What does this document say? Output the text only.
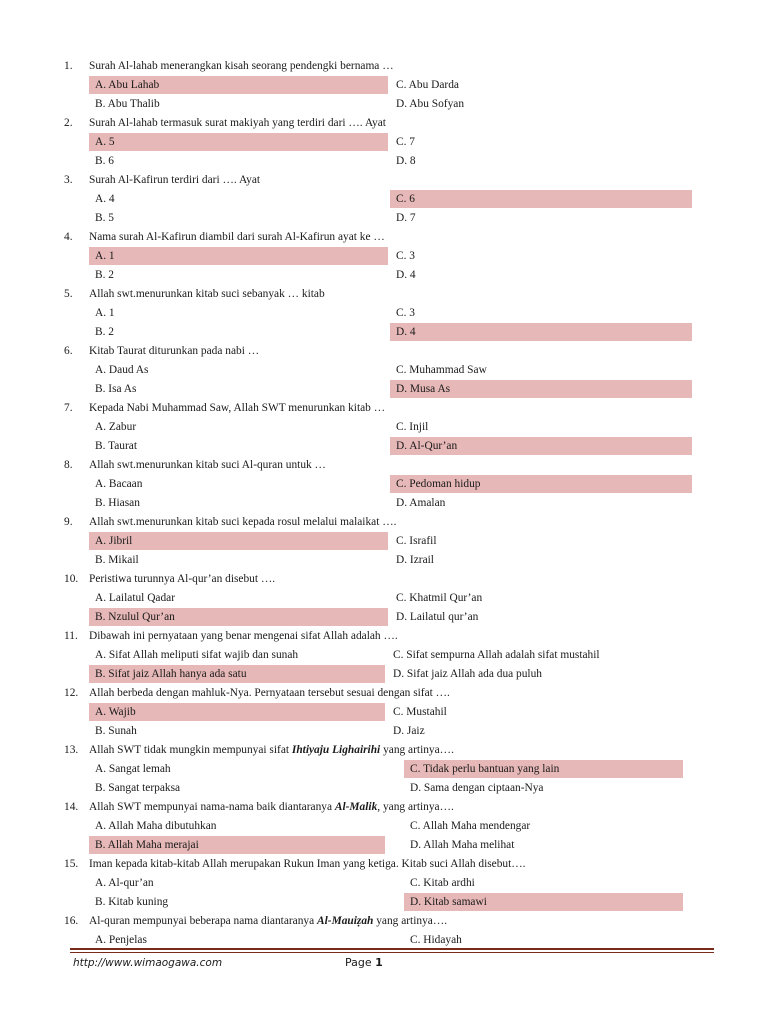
1. Surah Al-lahab menerangkan kisah seorang pendengki bernama …
A. Abu Lahab
B. Abu Thalib
C. Abu Darda
D. Abu Sofyan
2. Surah Al-lahab termasuk surat makiyah yang terdiri dari …. Ayat
A. 5
B. 6
C. 7
D. 8
3. Surah Al-Kafirun terdiri dari …. Ayat
A. 4
B. 5
C. 6
D. 7
4. Nama surah Al-Kafirun diambil dari surah Al-Kafirun ayat ke …
A. 1
B. 2
C. 3
D. 4
5. Allah swt.menurunkan kitab suci sebanyak … kitab
A. 1
B. 2
C. 3
D. 4
6. Kitab Taurat diturunkan pada nabi …
A. Daud As
B. Isa As
C. Muhammad Saw
D. Musa As
7. Kepada Nabi Muhammad Saw, Allah SWT menurunkan kitab …
A. Zabur
B. Taurat
C. Injil
D. Al-Qur’an
8. Allah swt.menurunkan kitab suci Al-quran untuk …
A. Bacaan
B. Hiasan
C. Pedoman hidup
D. Amalan
9. Allah swt.menurunkan kitab suci kepada rosul melalui malaikat ….
A. Jibril
B. Mikail
C. Israfil
D. Izrail
10. Peristiwa turunnya Al-qur’an disebut ….
A. Lailatul Qadar
B. Nzulul Qur’an
C. Khatmil Qur’an
D. Lailatul qur’an
11. Dibawah ini pernyataan yang benar mengenai sifat Allah adalah ….
A. Sifat Allah meliputi sifat wajib dan sunah
B. Sifat jaiz Allah hanya ada satu
C. Sifat sempurna Allah adalah sifat mustahil
D. Sifat jaiz Allah ada dua puluh
12. Allah berbeda dengan mahluk-Nya. Pernyataan tersebut sesuai dengan sifat ….
A. Wajib
B. Sunah
C. Mustahil
D. Jaiz
13. Allah SWT tidak mungkin mempunyai sifat Ihtiyaju Lighairihi yang artinya….
A. Sangat lemah
B. Sangat terpaksa
C. Tidak perlu bantuan yang lain
D. Sama dengan ciptaan-Nya
14. Allah SWT mempunyai nama-nama baik diantaranya Al-Malik, yang artinya….
A. Allah Maha dibutuhkan
B. Allah Maha merajai
C. Allah Maha mendengar
D. Allah Maha melihat
15. Iman kepada kitab-kitab Allah merupakan Rukun Iman yang ketiga. Kitab suci Allah disebut….
A. Al-qur’an
B. Kitab kuning
C. Kitab ardhi
D. Kitab samawi
16. Al-quran mempunyai beberapa nama diantaranya Al-Mauiẓah yang artinya….
A. Penjelas	C. Hidayah
http://www.wimaogawa.com	Page 1
